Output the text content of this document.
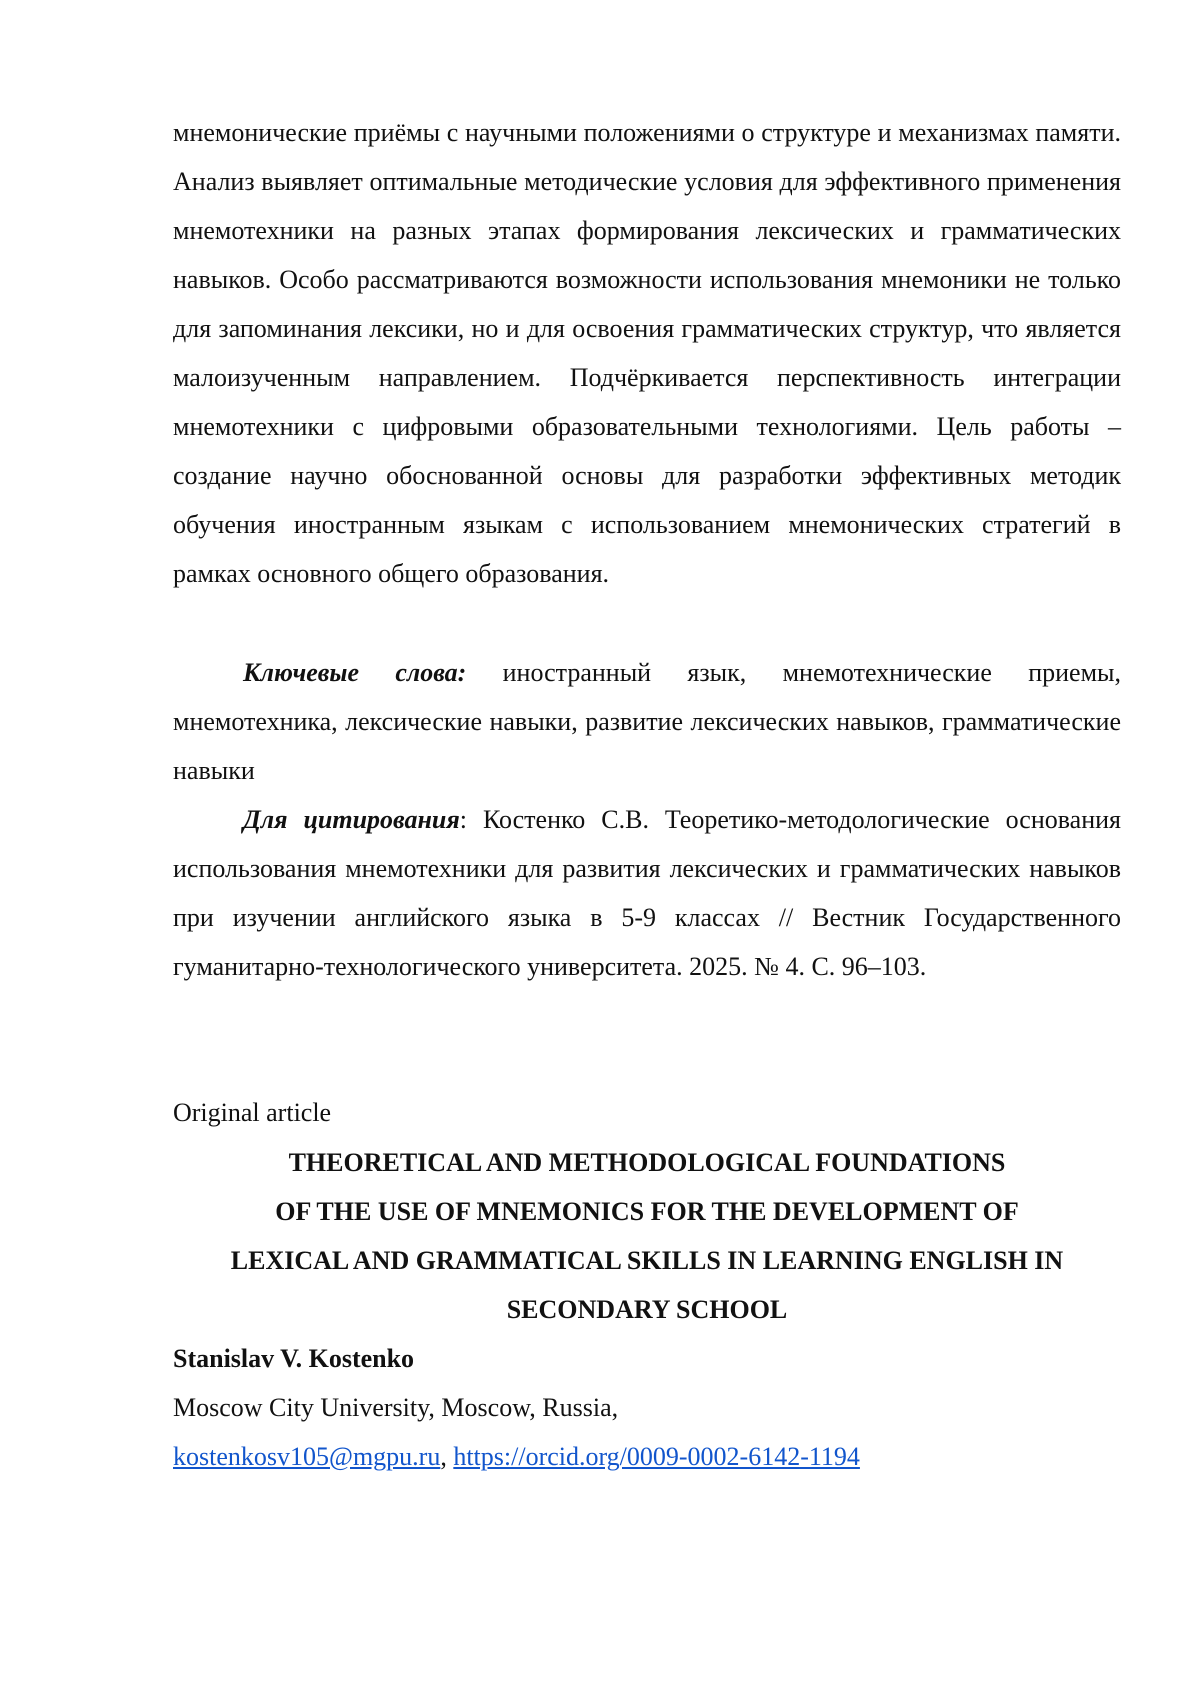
мнемонические приёмы с научными положениями о структуре и механизмах памяти. Анализ выявляет оптимальные методические условия для эффективного применения мнемотехники на разных этапах формирования лексических и грамматических навыков. Особо рассматриваются возможности использования мнемоники не только для запоминания лексики, но и для освоения грамматических структур, что является малоизученным направлением. Подчёркивается перспективность интеграции мнемотехники с цифровыми образовательными технологиями. Цель работы – создание научно обоснованной основы для разработки эффективных методик обучения иностранным языкам с использованием мнемонических стратегий в рамках основного общего образования.

Ключевые слова: иностранный язык, мнемотехнические приемы, мнемотехника, лексические навыки, развитие лексических навыков, грамматические навыки

Для цитирования: Костенко С.В. Теоретико-методологические основания использования мнемотехники для развития лексических и грамматических навыков при изучении английского языка в 5-9 классах // Вестник Государственного гуманитарно-технологического университета. 2025. № 4. С. 96–103.

Original article
THEORETICAL AND METHODOLOGICAL FOUNDATIONS
OF THE USE OF MNEMONICS FOR THE DEVELOPMENT OF
LEXICAL AND GRAMMATICAL SKILLS IN LEARNING ENGLISH IN
SECONDARY SCHOOL
Stanislav V. Kostenko
Moscow City University, Moscow, Russia,
kostenkosv105@mgpu.ru, https://orcid.org/0009-0002-6142-1194
